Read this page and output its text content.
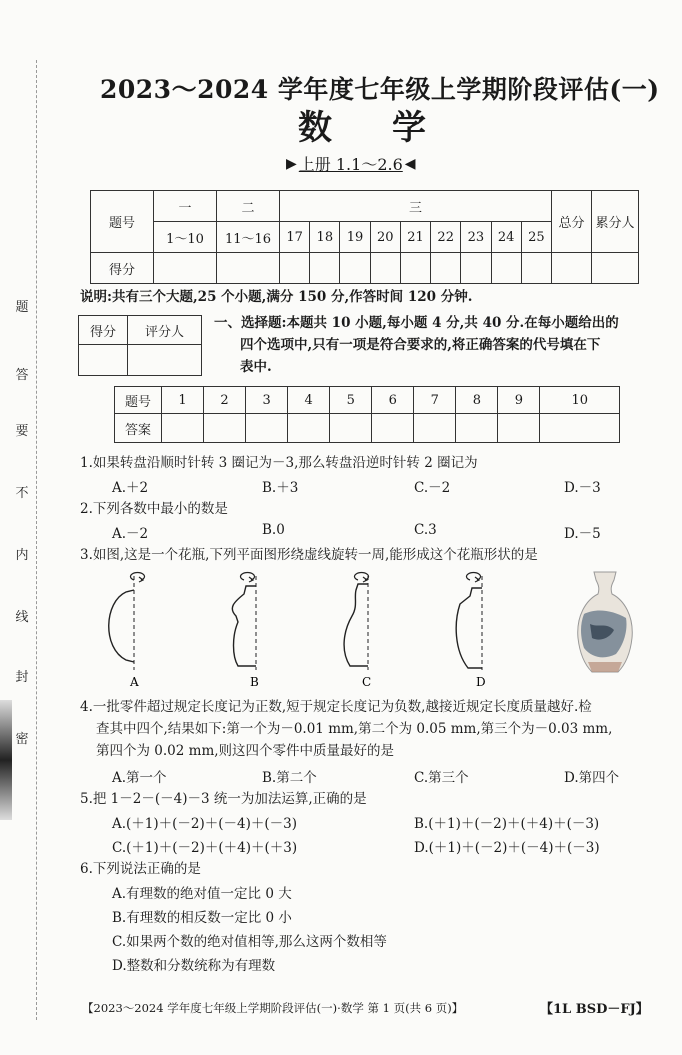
题
答
要
不
内
线
封
密
2023～2024 学年度七年级上学期阶段评估(一)
数学
▶ 上册 1.1～2.6 ◀
题号	一	二	三									总分	累分人
	1～10	11～16	17	18	19	20	21	22	23	24	25		
得分													
说明:共有三个大题,25 个小题,满分 150 分,作答时间 120 分钟.
得分	评分人

一、选择题:本题共 10 小题,每小题 4 分,共 40 分.在每小题给出的
四个选项中,只有一项是符合要求的,将正确答案的代号填在下
表中.
题号	1	2	3	4	5	6	7	8	9	10
答案										
1.如果转盘沿顺时针转 3 圈记为－3,那么转盘沿逆时针转 2 圈记为
A.＋2	B.＋3	C.－2	D.－3
2.下列各数中最小的数是
A.－2	B.0	C.3	D.－5
3.如图,这是一个花瓶,下列平面图形绕虚线旋转一周,能形成这个花瓶形状的是
A	B	C	D
4.一批零件超过规定长度记为正数,短于规定长度记为负数,越接近规定长度质量越好.检
查其中四个,结果如下:第一个为－0.01 mm,第二个为 0.05 mm,第三个为－0.03 mm,
第四个为 0.02 mm,则这四个零件中质量最好的是
A.第一个	B.第二个	C.第三个	D.第四个
5.把 1－2－(－4)－3 统一为加法运算,正确的是
A.(＋1)＋(－2)＋(－4)＋(－3)	B.(＋1)＋(－2)＋(＋4)＋(－3)
C.(＋1)＋(－2)＋(＋4)＋(＋3)	D.(＋1)＋(－2)＋(－4)＋(－3)
6.下列说法正确的是
A.有理数的绝对值一定比 0 大
B.有理数的相反数一定比 0 小
C.如果两个数的绝对值相等,那么这两个数相等
D.整数和分数统称为有理数
【2023～2024 学年度七年级上学期阶段评估(一)·数学 第 1 页(共 6 页)】	【1L BSD－FJ】
